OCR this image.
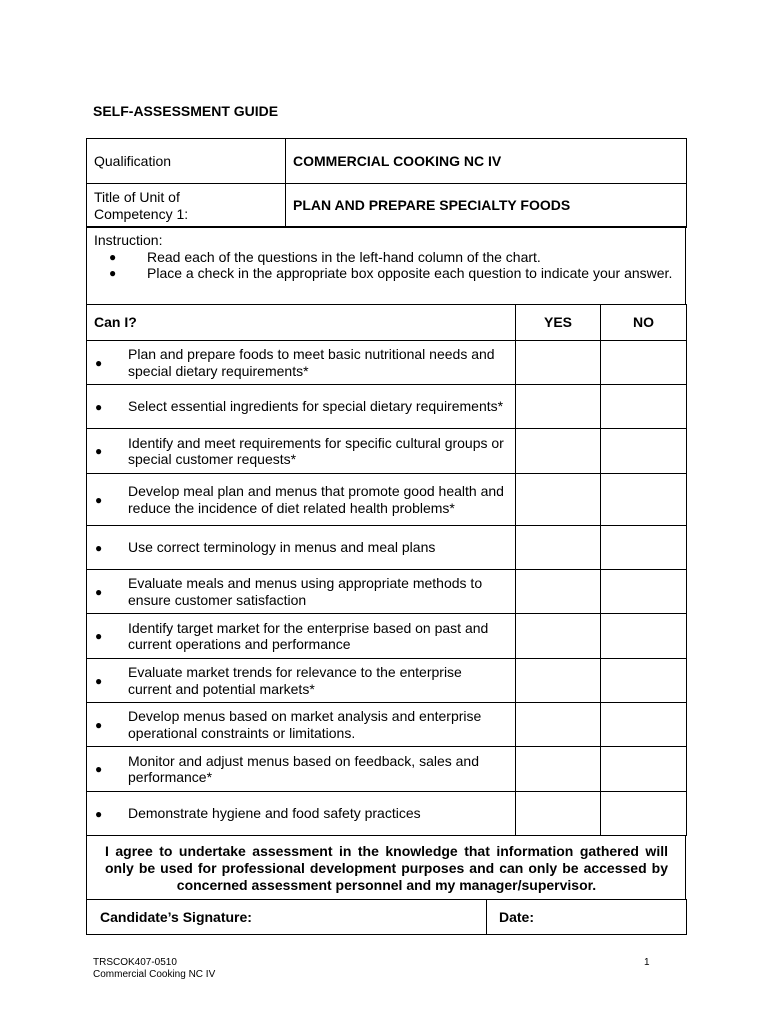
SELF-ASSESSMENT GUIDE
Qualification	COMMERCIAL COOKING NC IV

Title of Unit of
Competency 1:	PLAN AND PREPARE SPECIALTY FOODS

Instruction:
● Read each of the questions in the left-hand column of the chart.
● Place a check in the appropriate box opposite each question to indicate your answer.
Can I?	YES	NO

●
Plan and prepare foods to meet basic nutritional needs and special dietary requirements*		

● Select essential ingredients for special dietary requirements*		

●
Identify and meet requirements for specific cultural groups or special customer requests*		

●
Develop meal plan and menus that promote good health and reduce the incidence of diet related health problems*		

● Use correct terminology in menus and meal plans		

●
Evaluate meals and menus using appropriate methods to ensure customer satisfaction		

●
Identify target market for the enterprise based on past and current operations and performance		

●
Evaluate market trends for relevance to the enterprise current and potential markets*		

●
Develop menus based on market analysis and enterprise operational constraints or limitations.		

●
Monitor and adjust menus based on feedback, sales and performance*		

● Demonstrate hygiene and food safety practices		
I agree to undertake assessment in the knowledge that information gathered will only be used for professional development purposes and can only be accessed by concerned assessment personnel and my manager/supervisor.
Candidate’s Signature:	Date:
TRSCOK407-0510
Commercial Cooking NC IV
1
